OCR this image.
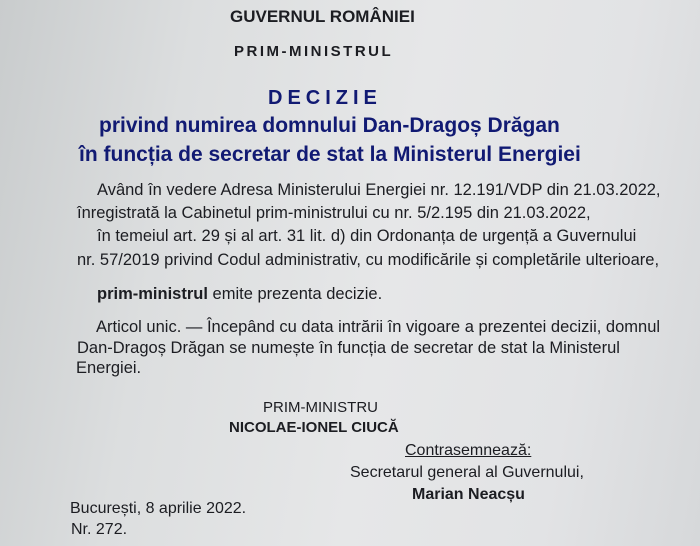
GUVERNUL ROMÂNIEI
PRIM-MINISTRUL
DECIZIE
privind numirea domnului Dan-Dragoș Drăgan
în funcția de secretar de stat la Ministerul Energiei
Având în vedere Adresa Ministerului Energiei nr. 12.191/VDP din 21.03.2022,
înregistrată la Cabinetul prim-ministrului cu nr. 5/2.195 din 21.03.2022,
în temeiul art. 29 și al art. 31 lit. d) din Ordonanța de urgență a Guvernului
nr. 57/2019 privind Codul administrativ, cu modificările și completările ulterioare,
prim-ministrul emite prezenta decizie.
Articol unic. — Începând cu data intrării în vigoare a prezentei decizii, domnul
Dan-Dragoș Drăgan se numește în funcția de secretar de stat la Ministerul
Energiei.
PRIM-MINISTRU
NICOLAE-IONEL CIUCĂ
Contrasemnează:
Secretarul general al Guvernului,
Marian Neacșu
București, 8 aprilie 2022.
Nr. 272.
